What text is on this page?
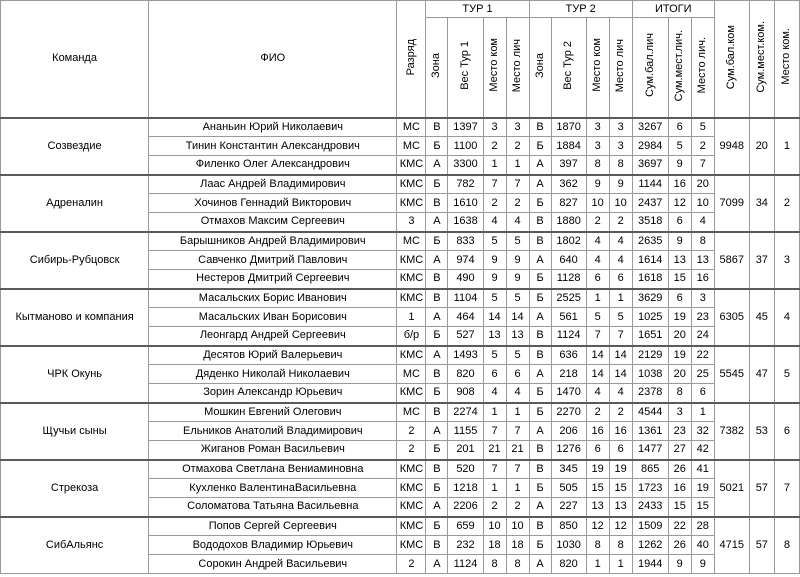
Команда	ФИО	Разряд	ТУР 1				ТУР 2				ИТОГИ			Сум.бал.ком	Сум.мест.ком.	Место ком.
			Зона	Вес Тур 1	Место ком	Место лич	Зона	Вес Тур 2	Место ком	Место лич	Сум.бал.лич	Сум.мест.лич.	Место лич.			
Созвездие	Ананьин Юрий Николаевич	МС	В	1397	3	3	В	1870	3	3	3267	6	5	9948	20	1
	Тинин Константин Александрович	МС	Б	1100	2	2	Б	1884	3	3	2984	5	2			
	Филенко Олег Александрович	КМС	А	3300	1	1	А	397	8	8	3697	9	7			
Адреналин	Лаас Андрей Владимирович	КМС	Б	782	7	7	А	362	9	9	1144	16	20	7099	34	2
	Хочинов Геннадий Викторович	КМС	В	1610	2	2	Б	827	10	10	2437	12	10			
	Отмахов Максим Сергеевич	3	А	1638	4	4	В	1880	2	2	3518	6	4			
Сибирь-Рубцовск	Барышников Андрей Владимирович	МС	Б	833	5	5	В	1802	4	4	2635	9	8	5867	37	3
	Савченко Дмитрий Павлович	КМС	А	974	9	9	А	640	4	4	1614	13	13			
	Нестеров Дмитрий Сергеевич	КМС	В	490	9	9	Б	1128	6	6	1618	15	16			
Кытманово и компания	Масальских Борис Иванович	КМС	В	1104	5	5	Б	2525	1	1	3629	6	3	6305	45	4
	Масальских Иван Борисович	1	А	464	14	14	А	561	5	5	1025	19	23			
	Леонгард Андрей Сергеевич	б/р	Б	527	13	13	В	1124	7	7	1651	20	24			
ЧРК Окунь	Десятов Юрий Валерьевич	КМС	А	1493	5	5	В	636	14	14	2129	19	22	5545	47	5
	Дяденко Николай Николаевич	МС	В	820	6	6	А	218	14	14	1038	20	25			
	Зорин Александр Юрьевич	КМС	Б	908	4	4	Б	1470	4	4	2378	8	6			
Щучьи сыны	Мошкин Евгений Олегович	МС	В	2274	1	1	Б	2270	2	2	4544	3	1	7382	53	6
	Ельников Анатолий Владимирович	2	А	1155	7	7	А	206	16	16	1361	23	32			
	Жиганов Роман Васильевич	2	Б	201	21	21	В	1276	6	6	1477	27	42			
Стрекоза	Отмахова Светлана Вениаминовна	КМС	В	520	7	7	В	345	19	19	865	26	41	5021	57	7
	Кухленко ВалентинаВасильевна	КМС	Б	1218	1	1	Б	505	15	15	1723	16	19			
	Соломатова Татьяна Васильевна	КМС	А	2206	2	2	А	227	13	13	2433	15	15			
СибАльянс	Попов Сергей Сергеевич	КМС	Б	659	10	10	В	850	12	12	1509	22	28	4715	57	8
	Вододохов Владимир Юрьевич	КМС	В	232	18	18	Б	1030	8	8	1262	26	40			
	Сорокин Андрей Васильевич	2	А	1124	8	8	А	820	1	1	1944	9	9			
